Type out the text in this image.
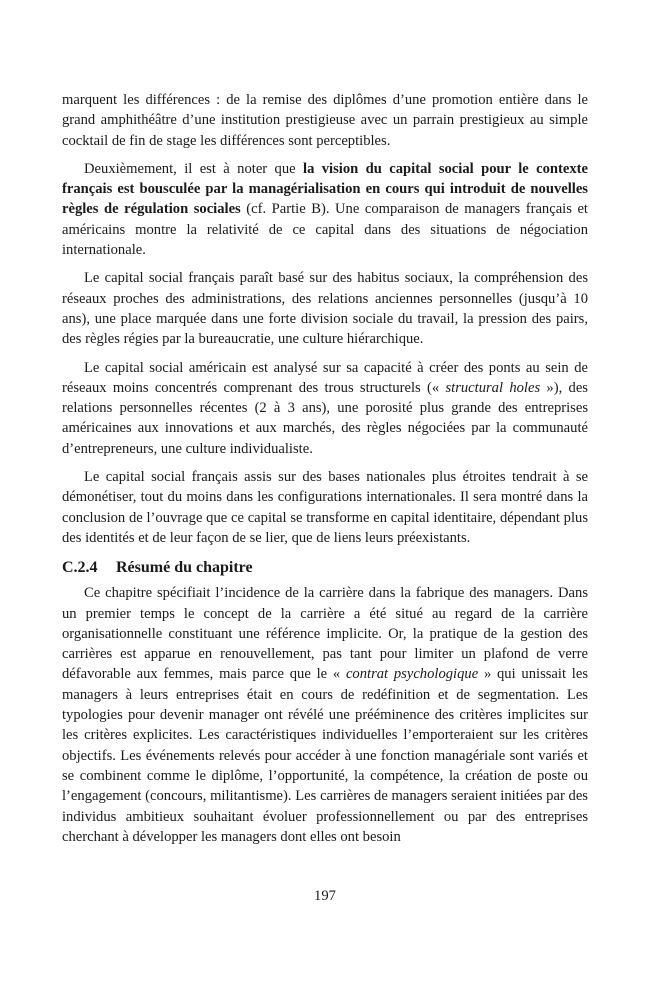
marquent les différences : de la remise des diplômes d’une promotion entière dans le grand amphithéâtre d’une institution prestigieuse avec un parrain prestigieux au simple cocktail de fin de stage les différences sont perceptibles.

Deuxièmement, il est à noter que la vision du capital social pour le contexte français est bousculée par la managérialisation en cours qui introduit de nouvelles règles de régulation sociales (cf. Partie B). Une comparaison de managers français et américains montre la relativité de ce capital dans des situations de négociation internationale.

Le capital social français paraît basé sur des habitus sociaux, la compréhension des réseaux proches des administrations, des relations anciennes personnelles (jusqu’à 10 ans), une place marquée dans une forte division sociale du travail, la pression des pairs, des règles régies par la bureaucratie, une culture hiérarchique.

Le capital social américain est analysé sur sa capacité à créer des ponts au sein de réseaux moins concentrés comprenant des trous structurels (« structural holes »), des relations personnelles récentes (2 à 3 ans), une porosité plus grande des entreprises américaines aux innovations et aux marchés, des règles négociées par la communauté d’entrepreneurs, une culture individualiste.

Le capital social français assis sur des bases nationales plus étroites tendrait à se démonétiser, tout du moins dans les configurations internationales. Il sera montré dans la conclusion de l’ouvrage que ce capital se transforme en capital identitaire, dépendant plus des identités et de leur façon de se lier, que de liens leurs préexistants.

C.2.4 Résumé du chapitre

Ce chapitre spécifiait l’incidence de la carrière dans la fabrique des managers. Dans un premier temps le concept de la carrière a été situé au regard de la carrière organisationnelle constituant une référence implicite. Or, la pratique de la gestion des carrières est apparue en renouvellement, pas tant pour limiter un plafond de verre défavorable aux femmes, mais parce que le « contrat psychologique » qui unissait les managers à leurs entreprises était en cours de redéfinition et de segmentation. Les typologies pour devenir manager ont révélé une prééminence des critères implicites sur les critères explicites. Les caractéristiques individuelles l’emporteraient sur les critères objectifs. Les événements relevés pour accéder à une fonction managériale sont variés et se combinent comme le diplôme, l’opportunité, la compétence, la création de poste ou l’engagement (concours, militantisme). Les carrières de managers seraient initiées par des individus ambitieux souhaitant évoluer professionnellement ou par des entreprises cherchant à développer les managers dont elles ont besoin

197
